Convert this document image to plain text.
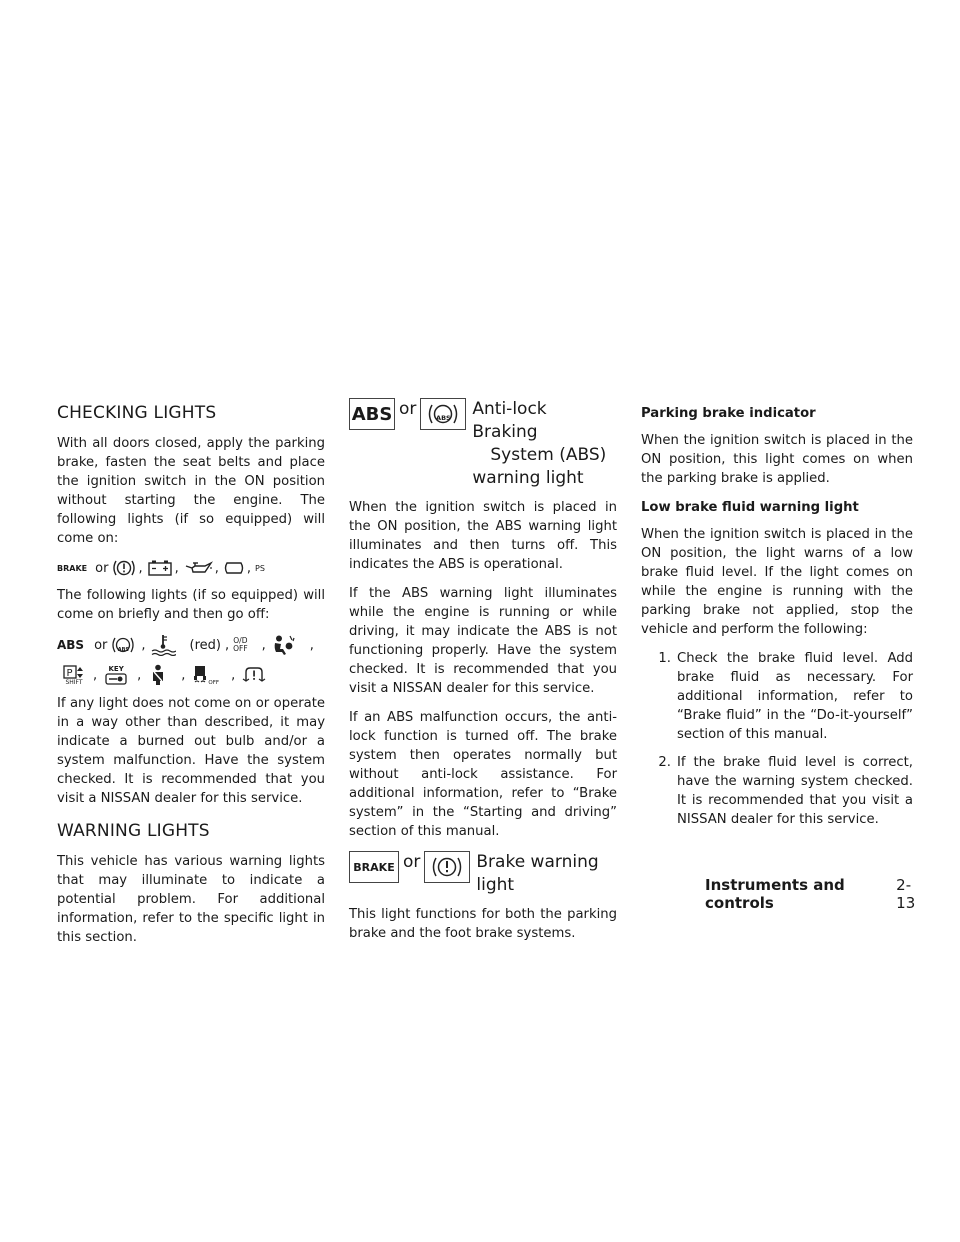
CHECKING LIGHTS

With all doors closed, apply the parking brake, fasten the seat belts and place the ignition switch in the ON position without starting the engine. The following lights (if so equipped) will come on:

BRAKE or , ,	, , PS

The following lights (if so equipped) will come on briefly and then go off:

ABS or	ABS ,	(red) , O/D
OFF ,	,
P
SHIFT , KEY ,	,
OFF
,

If any light does not come on or operate in a way other than described, it may indicate a burned out bulb and/or a system malfunction. Have the system checked. It is recommended that you visit a NISSAN dealer for this service.

WARNING LIGHTS

This vehicle has various warning lights that may illuminate to indicate a potential problem. For additional information, refer to the specific light in this section.

ABS or	ABS	Anti-lock Braking
System (ABS)
warning light

When the ignition switch is placed in the ON position, the ABS warning light illuminates and then turns off. This indicates the ABS is operational.

If the ABS warning light illuminates while the engine is running or while driving, it may indicate the ABS is not functioning properly. Have the system checked. It is recommended that you visit a NISSAN dealer for this service.

If an ABS malfunction occurs, the anti-lock function is turned off. The brake system then operates normally but without anti-lock assistance. For additional information, refer to “Brake system” in the “Starting and driving” section of this manual.

BRAKE or	Brake warning
light

This light functions for both the parking brake and the foot brake systems.

Parking brake indicator

When the ignition switch is placed in the ON position, this light comes on when the parking brake is applied.

Low brake fluid warning light

When the ignition switch is placed in the ON position, the light warns of a low brake fluid level. If the light comes on while the engine is running with the parking brake not applied, stop the vehicle and perform the following:

1. Check the brake fluid level. Add brake fluid as necessary. For additional information, refer to “Brake fluid” in the “Do-it-yourself” section of this manual.
2. If the brake fluid level is correct, have the warning system checked. It is recommended that you visit a NISSAN dealer for this service.
Instruments and controls
2-13
